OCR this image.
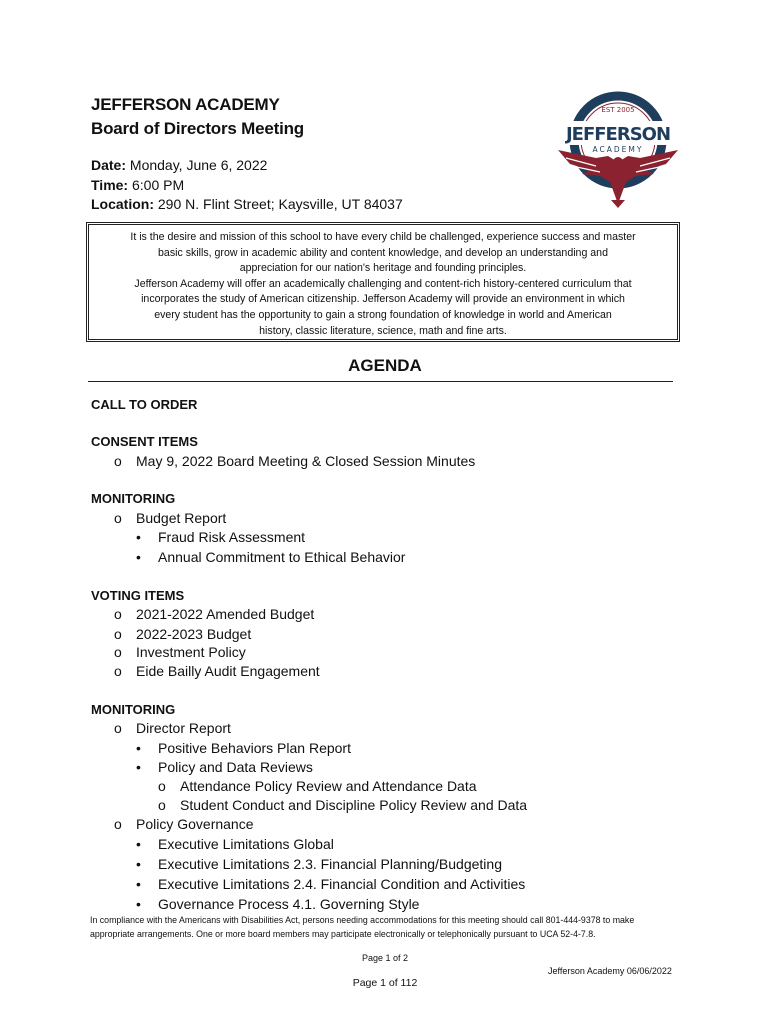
JEFFERSON ACADEMY
Board of Directors Meeting
Date: Monday, June 6, 2022
Time: 6:00 PM
Location: 290 N. Flint Street; Kaysville, UT 84037
EST 2005
JEFFERSON
ACADEMY
It is the desire and mission of this school to have every child be challenged, experience success and master
basic skills, grow in academic ability and content knowledge, and develop an understanding and
appreciation for our nation's heritage and founding principles.
Jefferson Academy will offer an academically challenging and content-rich history-centered curriculum that
incorporates the study of American citizenship. Jefferson Academy will provide an environment in which
every student has the opportunity to gain a strong foundation of knowledge in world and American
history, classic literature, science, math and fine arts.
AGENDA
CALL TO ORDER
CONSENT ITEMS
o May 9, 2022 Board Meeting & Closed Session Minutes
MONITORING
o Budget Report
• Fraud Risk Assessment
• Annual Commitment to Ethical Behavior
VOTING ITEMS
o 2021-2022 Amended Budget
o 2022-2023 Budget
o Investment Policy
o Eide Bailly Audit Engagement
MONITORING
o Director Report
• Positive Behaviors Plan Report
• Policy and Data Reviews
o Attendance Policy Review and Attendance Data
o Student Conduct and Discipline Policy Review and Data
o Policy Governance
• Executive Limitations Global
• Executive Limitations 2.3. Financial Planning/Budgeting
• Executive Limitations 2.4. Financial Condition and Activities
• Governance Process 4.1. Governing Style
In compliance with the Americans with Disabilities Act, persons needing accommodations for this meeting should call 801-444-9378 to make
appropriate arrangements. One or more board members may participate electronically or telephonically pursuant to UCA 52-4-7.8.
Page 1 of 2
Jefferson Academy 06/06/2022
Page 1 of 112
